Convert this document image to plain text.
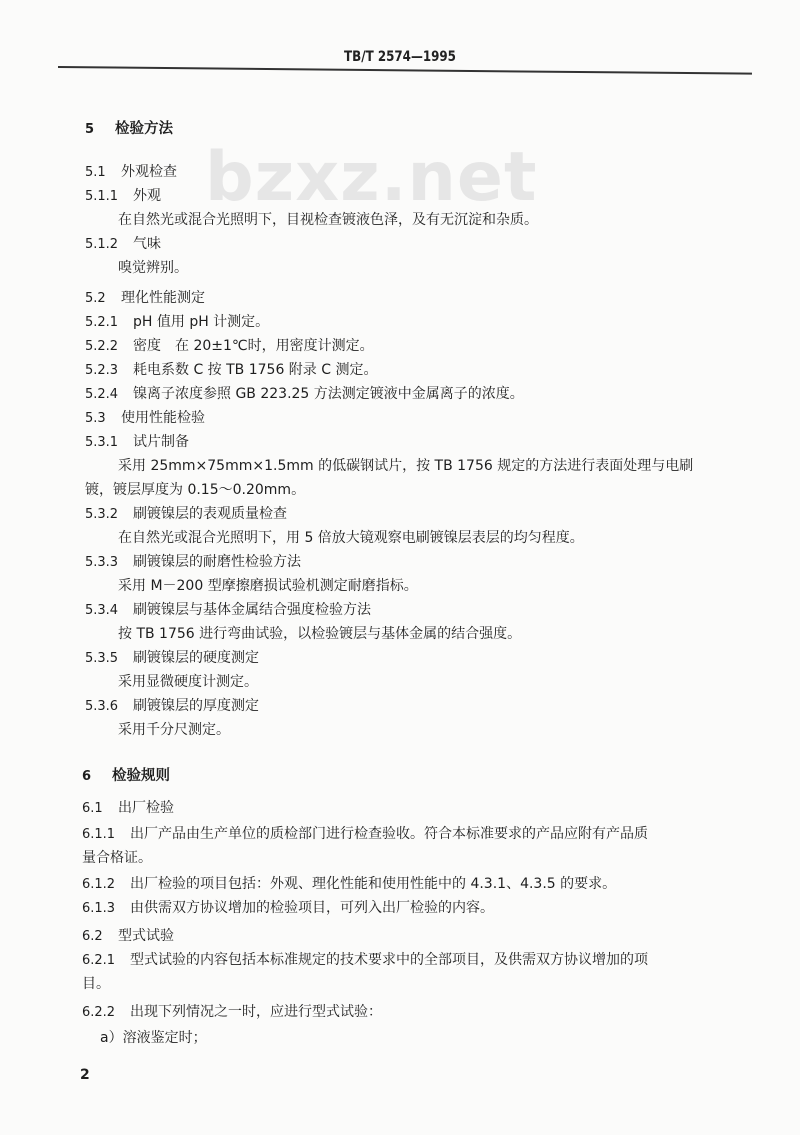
TB/T 2574—1995
bzxz.net
5 检验方法
5.1 外观检查
5.1.1 外观
在自然光或混合光照明下，目视检查镀液色泽，及有无沉淀和杂质。
5.1.2 气味
嗅觉辨别。
5.2 理化性能测定
5.2.1 pH 值用 pH 计测定。
5.2.2 密度　在 20±1℃时，用密度计测定。
5.2.3 耗电系数 C 按 TB 1756 附录 C 测定。
5.2.4 镍离子浓度参照 GB 223.25 方法测定镀液中金属离子的浓度。
5.3 使用性能检验
5.3.1 试片制备
采用 25mm×75mm×1.5mm 的低碳钢试片，按 TB 1756 规定的方法进行表面处理与电刷
镀，镀层厚度为 0.15～0.20mm。
5.3.2 刷镀镍层的表观质量检查
在自然光或混合光照明下，用 5 倍放大镜观察电刷镀镍层表层的均匀程度。
5.3.3 刷镀镍层的耐磨性检验方法
采用 M－200 型摩擦磨损试验机测定耐磨指标。
5.3.4 刷镀镍层与基体金属结合强度检验方法
按 TB 1756 进行弯曲试验，以检验镀层与基体金属的结合强度。
5.3.5 刷镀镍层的硬度测定
采用显微硬度计测定。
5.3.6 刷镀镍层的厚度测定
采用千分尺测定。
6 检验规则
6.1 出厂检验
6.1.1 出厂产品由生产单位的质检部门进行检查验收。符合本标准要求的产品应附有产品质
量合格证。
6.1.2 出厂检验的项目包括：外观、理化性能和使用性能中的 4.3.1、4.3.5 的要求。
6.1.3 由供需双方协议增加的检验项目，可列入出厂检验的内容。
6.2 型式试验
6.2.1 型式试验的内容包括本标准规定的技术要求中的全部项目，及供需双方协议增加的项
目。
6.2.2 出现下列情况之一时，应进行型式试验：
a）溶液鉴定时；
2
